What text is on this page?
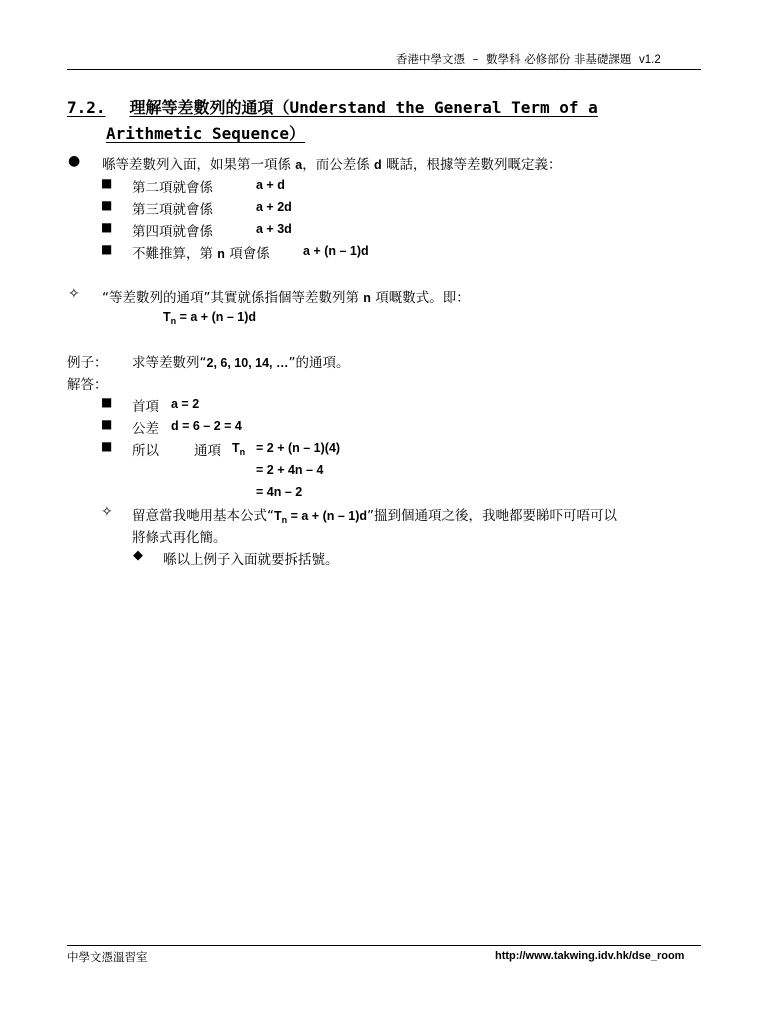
香港中學文憑 – 數學科 必修部份 非基礎課題 v1.2
7.2. 理解等差數列的通項（Understand the General Term of a
Arithmetic Sequence）
● 喺等差數列入面，如果第一項係 a，而公差係 d 嘅話，根據等差數列嘅定義：
■ 第二項就會係	a + d
■ 第三項就會係	a + 2d
■ 第四項就會係	a + 3d
■ 不難推算，第 n 項會係	a + (n – 1)d
✧ “等差數列的通項”其實就係指個等差數列第 n 項嘅數式。即：
$T_n = a + (n - 1)d$
例子： 求等差數列“2, 6, 10, 14, …”的通項。
解答：
■ 首項 a = 2
■ 公差 d = 6 – 2 = 4
■ 所以	通項 $T_n = 2 + (n - 1)(4)$
= 2 + 4n – 4
= 4n – 2
✧ 留意當我哋用基本公式“$T_n = a + (n - 1)d$”搵到個通項之後，我哋都要睇吓可唔可以
將條式再化簡。
◆ 喺以上例子入面就要拆括號。
中學文憑溫習室	http://www.takwing.idv.hk/dse_room
